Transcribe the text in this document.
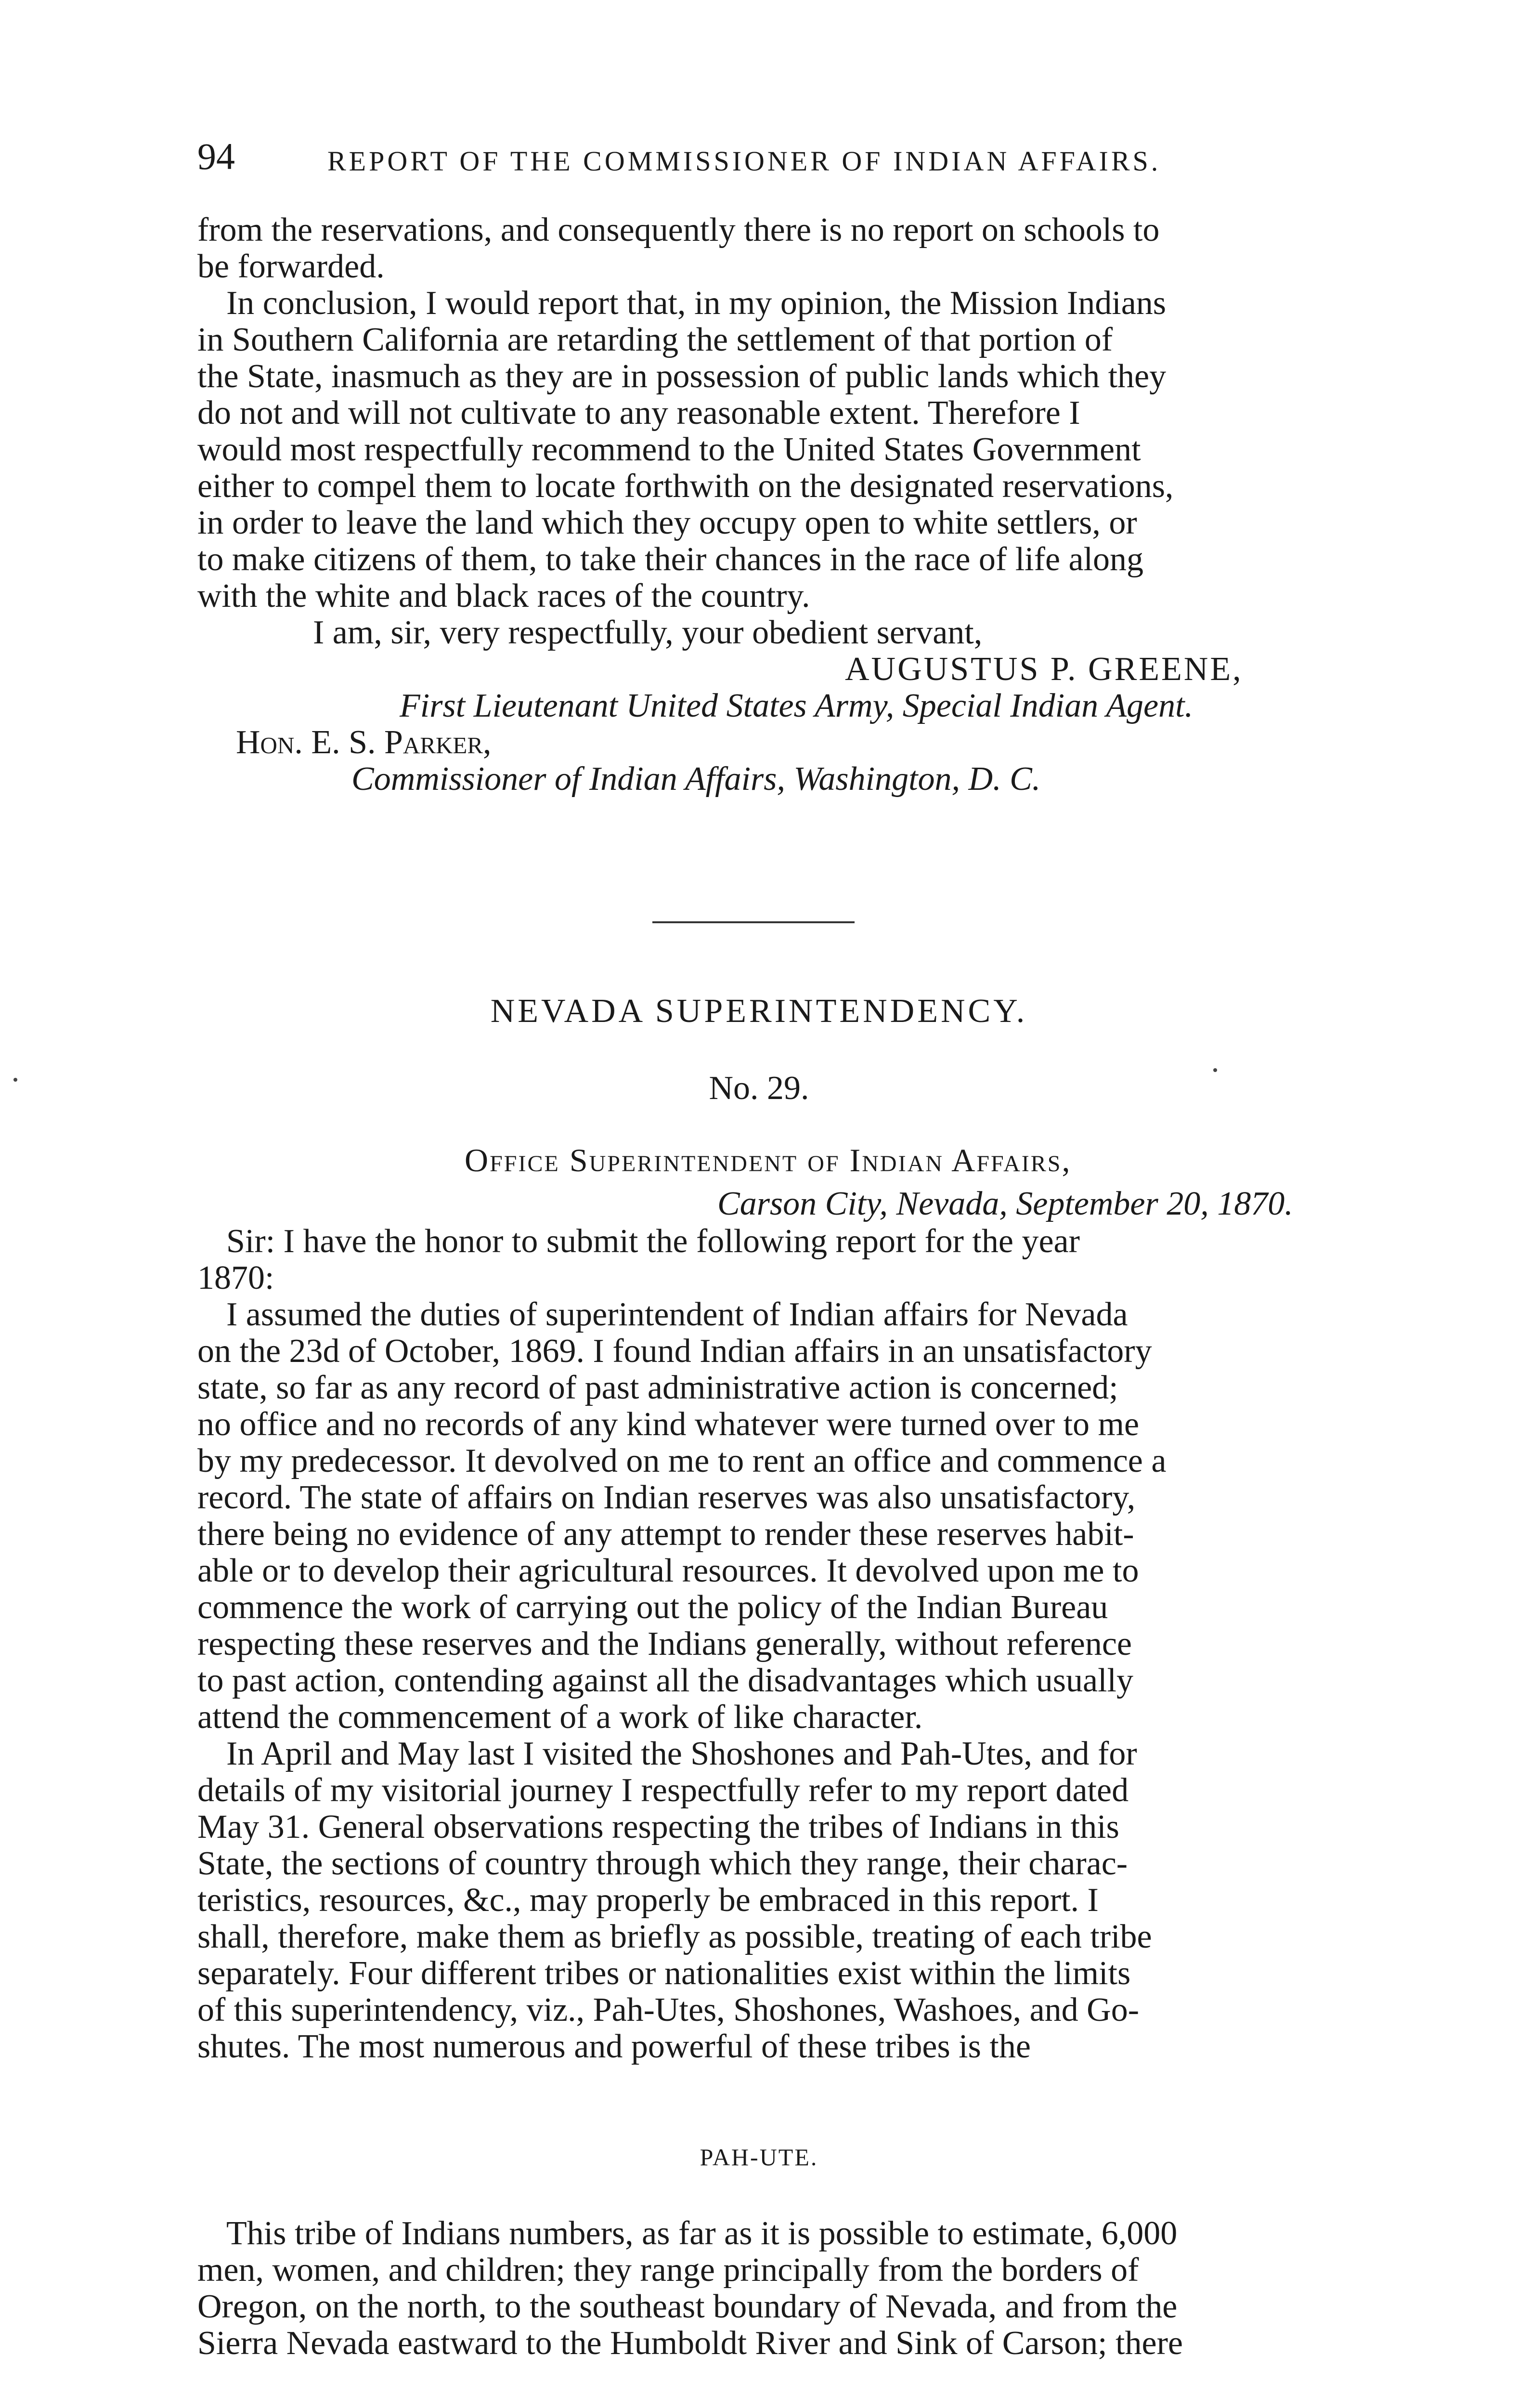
94	REPORT OF THE COMMISSIONER OF INDIAN AFFAIRS.
from the reservations, and consequently there is no report on schools to
be forwarded.
In conclusion, I would report that, in my opinion, the Mission Indians
in Southern California are retarding the settlement of that portion of
the State, inasmuch as they are in possession of public lands which they
do not and will not cultivate to any reasonable extent. Therefore I
would most respectfully recommend to the United States Government
either to compel them to locate forthwith on the designated reservations,
in order to leave the land which they occupy open to white settlers, or
to make citizens of them, to take their chances in the race of life along
with the white and black races of the country.
I am, sir, very respectfully, your obedient servant,
AUGUSTUS P. GREENE,
First Lieutenant United States Army, Special Indian Agent.
Hon. E. S. Parker,
Commissioner of Indian Affairs, Washington, D. C.
NEVADA SUPERINTENDENCY.
No. 29.
Office Superintendent of Indian Affairs,
Carson City, Nevada, September 20, 1870.
Sir: I have the honor to submit the following report for the year
1870:
I assumed the duties of superintendent of Indian affairs for Nevada
on the 23d of October, 1869. I found Indian affairs in an unsatisfactory
state, so far as any record of past administrative action is concerned;
no office and no records of any kind whatever were turned over to me
by my predecessor. It devolved on me to rent an office and commence a
record. The state of affairs on Indian reserves was also unsatisfactory,
there being no evidence of any attempt to render these reserves habit-
able or to develop their agricultural resources. It devolved upon me to
commence the work of carrying out the policy of the Indian Bureau
respecting these reserves and the Indians generally, without reference
to past action, contending against all the disadvantages which usually
attend the commencement of a work of like character.
In April and May last I visited the Shoshones and Pah-Utes, and for
details of my visitorial journey I respectfully refer to my report dated
May 31. General observations respecting the tribes of Indians in this
State, the sections of country through which they range, their charac-
teristics, resources, &c., may properly be embraced in this report. I
shall, therefore, make them as briefly as possible, treating of each tribe
separately. Four different tribes or nationalities exist within the limits
of this superintendency, viz., Pah-Utes, Shoshones, Washoes, and Go-
shutes. The most numerous and powerful of these tribes is the
PAH-UTE.
This tribe of Indians numbers, as far as it is possible to estimate, 6,000
men, women, and children; they range principally from the borders of
Oregon, on the north, to the southeast boundary of Nevada, and from the
Sierra Nevada eastward to the Humboldt River and Sink of Carson; there
